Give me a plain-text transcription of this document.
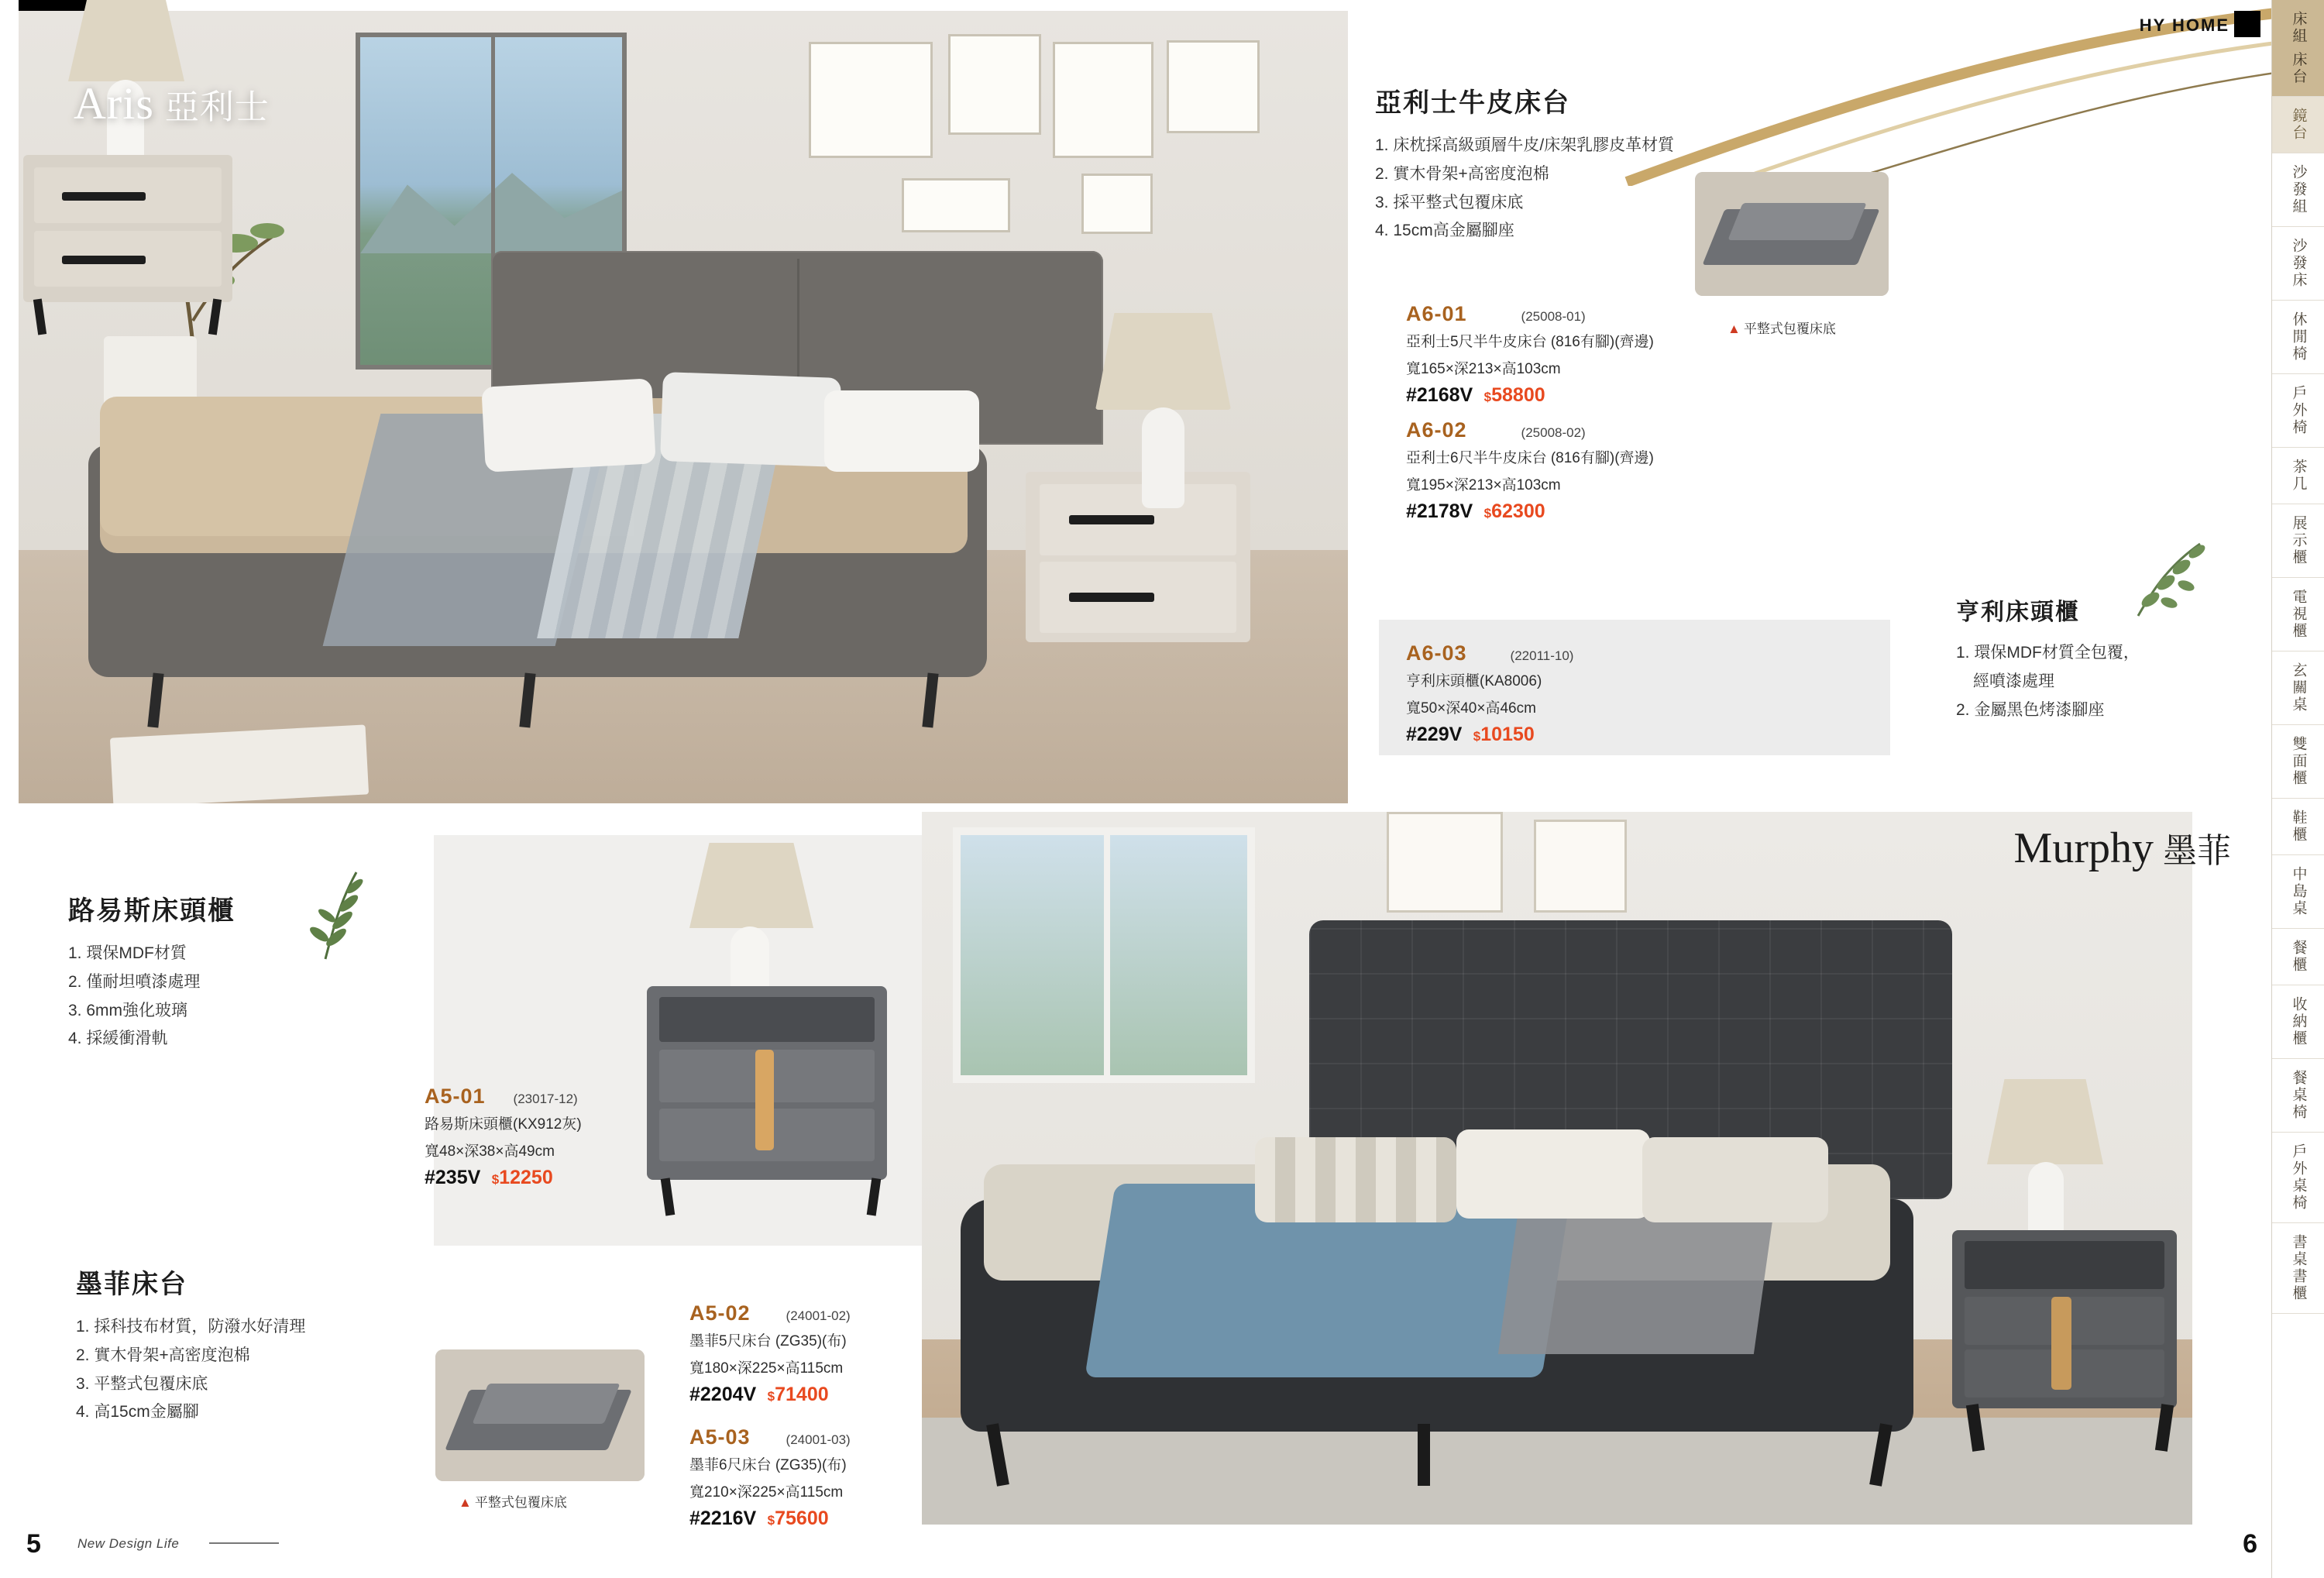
HY HOME
Aris 亞利士	亞利士牛皮床台
1. 床枕採高級頭層牛皮/床架乳膠皮革材質
2. 實木骨架+高密度泡棉
3. 採平整式包覆床底
4. 15cm高金屬腳座
▲ 平整式包覆床底
A6-01	(25008-01)
亞利士5尺半牛皮床台 (816有腳)(齊邊)
寬165×深213×高103cm
#2168V $58800
A6-02	(25008-02)
亞利士6尺半牛皮床台 (816有腳)(齊邊)
寬195×深213×高103cm
#2178V $62300
A6-03	(22011-10)
亨利床頭櫃(KA8006)
寬50×深40×高46cm
#229V $10150
亨利床頭櫃
1. 環保MDF材質全包覆，
經噴漆處理
2. 金屬黑色烤漆腳座
路易斯床頭櫃
1. 環保MDF材質
2. 僅耐坦噴漆處理
3. 6mm強化玻璃
4. 採緩衝滑軌
A5-01 (23017-12)
路易斯床頭櫃(KX912灰)
寬48×深38×高49cm
#235V $12250
墨菲床台
1. 採科技布材質，防潑水好清理
2. 實木骨架+高密度泡棉
3. 平整式包覆床底
4. 高15cm金屬腳
▲ 平整式包覆床底
A5-02	(24001-02)
墨菲5尺床台 (ZG35)(布)
寬180×深225×高115cm
#2204V $71400
A5-03	(24001-03)
墨菲6尺床台 (ZG35)(布)
寬210×深225×高115cm
#2216V $75600
Murphy 墨菲
床組 床台
鏡台
沙發組
沙發床
休閒椅
戶外椅
茶几
展示櫃
電視櫃
玄關桌
雙面櫃
鞋櫃
中島桌
餐櫃
收納櫃
餐桌椅
戶外桌椅
書桌書櫃
5	New Design Life	6
